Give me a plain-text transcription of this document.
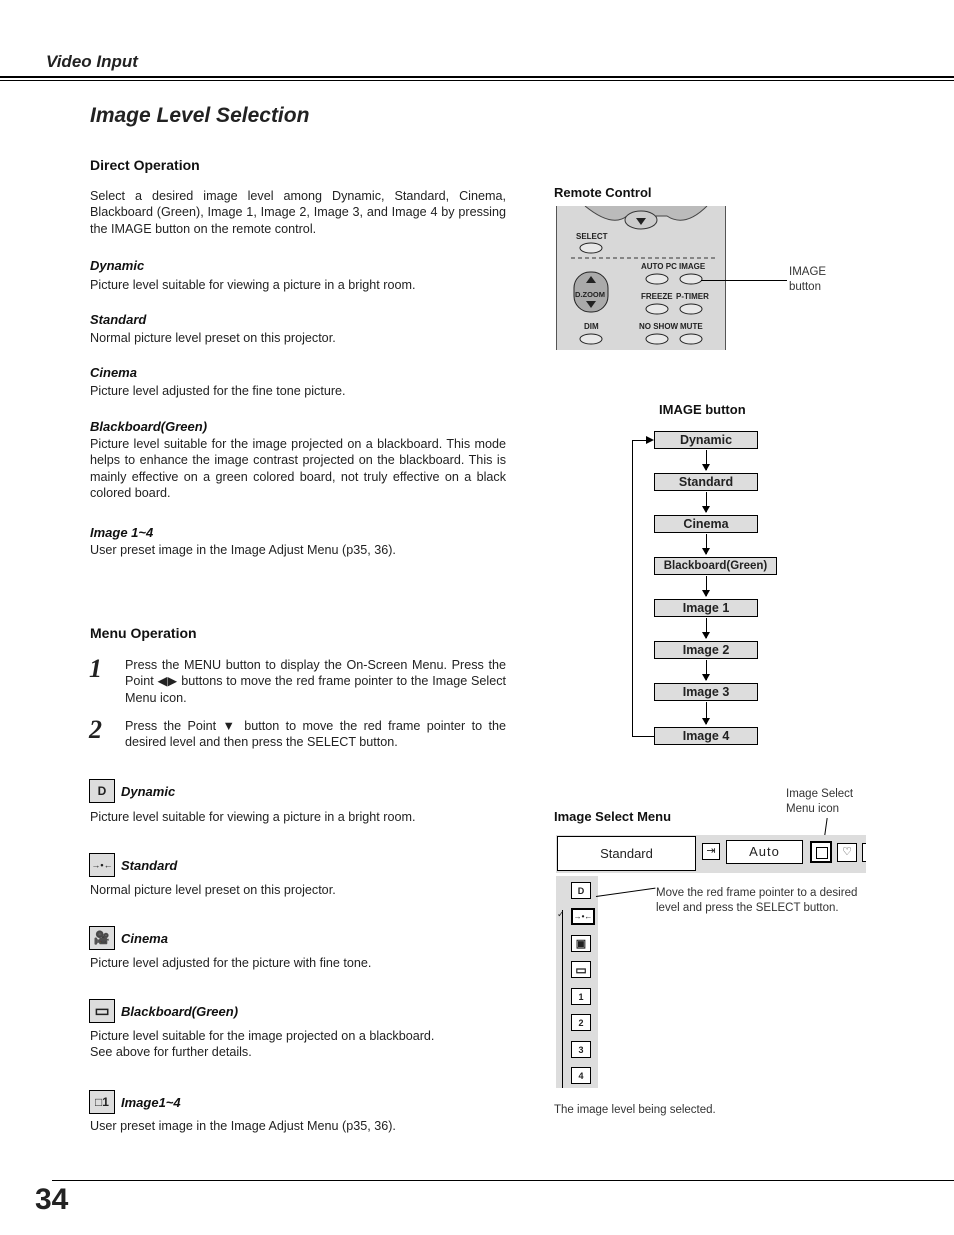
Video Input
Image Level Selection
Direct Operation
Select a desired image level among Dynamic, Standard, Cinema, Blackboard (Green), Image 1, Image 2, Image 3, and Image 4 by pressing the IMAGE button on the remote control.
Dynamic
Picture level suitable for viewing a picture in a bright room.
Standard
Normal picture level preset on this projector.
Cinema
Picture level adjusted for the fine tone picture.
Blackboard(Green)
Picture level suitable for the image projected on a blackboard. This mode helps to enhance the image contrast projected on the blackboard. This is mainly effective on a green colored board, not truly effective on a black colored board.
Image 1~4
User preset image in the Image Adjust Menu (p35, 36).
Menu Operation
1 Press the MENU button to display the On-Screen Menu. Press the Point ◀▶ buttons to move the red frame pointer to the Image Select Menu icon.
2 Press the Point ▼ button to move the red frame pointer to the desired level and then press the SELECT button.
D	Dynamic
Picture level suitable for viewing a picture in a bright room.
→•← Standard
Normal picture level preset on this projector.
🎥 Cinema
Picture level adjusted for the picture with fine tone.
▭ Blackboard(Green)
Picture level suitable for the image projected on a blackboard.
See above for further details.
□1 Image1~4
User preset image in the Image Adjust Menu (p35, 36).
Remote Control
SELECT
AUTO PC IMAGE
D.ZOOM	FREEZE P-TIMER
DIM	NO SHOW MUTE
IMAGE
button
IMAGE button
Dynamic
Standard
Cinema
Blackboard(Green)
Image 1
Image 2
Image 3
Image 4
Image Select Menu
Image Select
Menu icon
Standard	⇥	Auto	♡
✓
D
→•←
▣
▭
1
2
3
4
Move the red frame pointer to a desired level and press the SELECT button.
The image level being selected.
34
